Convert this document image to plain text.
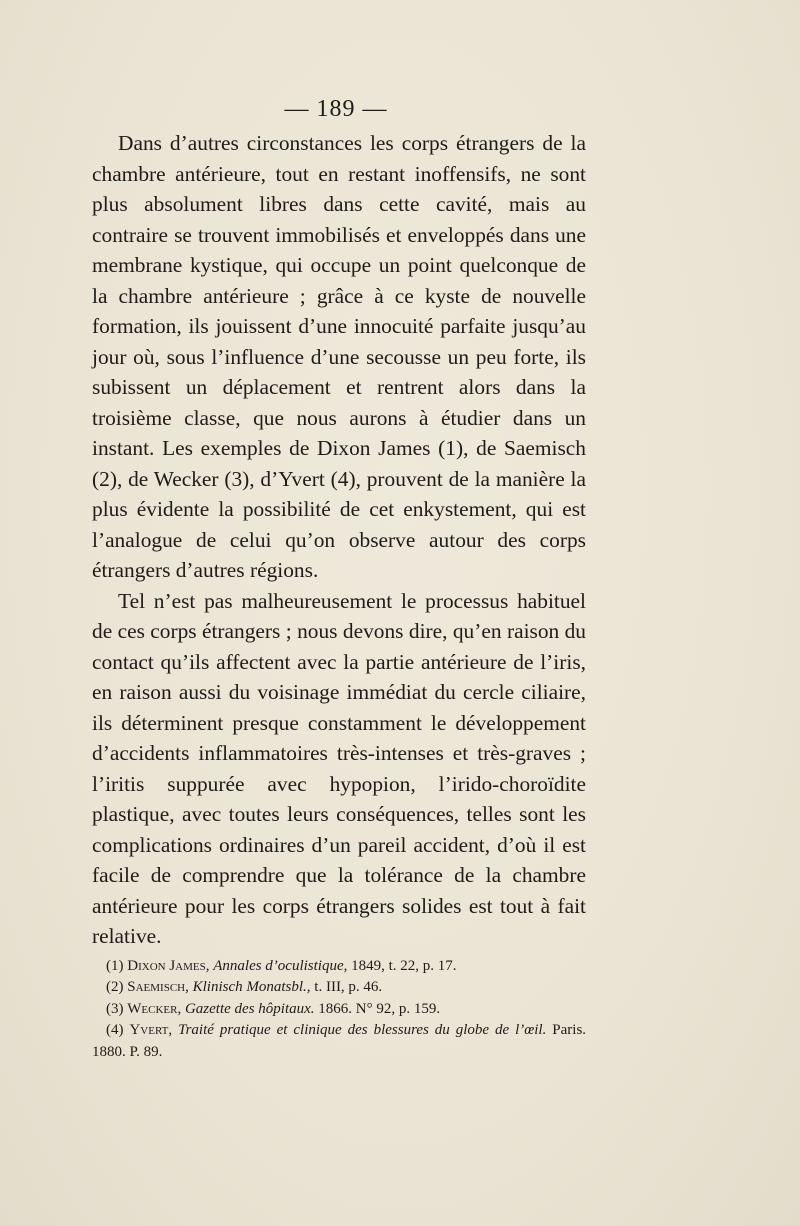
— 189 —

Dans d’autres circonstances les corps étrangers de la chambre antérieure, tout en restant inoffensifs, ne sont plus absolument libres dans cette cavité, mais au contraire se trouvent immobilisés et enveloppés dans une membrane kystique, qui occupe un point quelconque de la chambre antérieure ; grâce à ce kyste de nouvelle formation, ils jouissent d’une innocuité parfaite jusqu’au jour où, sous l’influence d’une secousse un peu forte, ils subissent un déplacement et rentrent alors dans la troisième classe, que nous aurons à étudier dans un instant. Les exemples de Dixon James (1), de Saemisch (2), de Wecker (3), d’Yvert (4), prouvent de la manière la plus évidente la possibilité de cet enkystement, qui est l’analogue de celui qu’on observe autour des corps étrangers d’autres régions.

Tel n’est pas malheureusement le processus habituel de ces corps étrangers ; nous devons dire, qu’en raison du contact qu’ils affectent avec la partie antérieure de l’iris, en raison aussi du voisinage immédiat du cercle ciliaire, ils déterminent presque constamment le développement d’accidents inflammatoires très-intenses et très-graves ; l’iritis suppurée avec hypopion, l’irido-choroïdite plastique, avec toutes leurs conséquences, telles sont les complications ordinaires d’un pareil accident, d’où il est facile de comprendre que la tolérance de la chambre antérieure pour les corps étrangers solides est tout à fait relative.

(1) Dixon James, Annales d’oculistique, 1849, t. 22, p. 17.

(2) Saemisch, Klinisch Monatsbl., t. III, p. 46.

(3) Wecker, Gazette des hôpitaux. 1866. N° 92, p. 159.

(4) Yvert, Traité pratique et clinique des blessures du globe de l’œil. Paris. 1880. P. 89.
